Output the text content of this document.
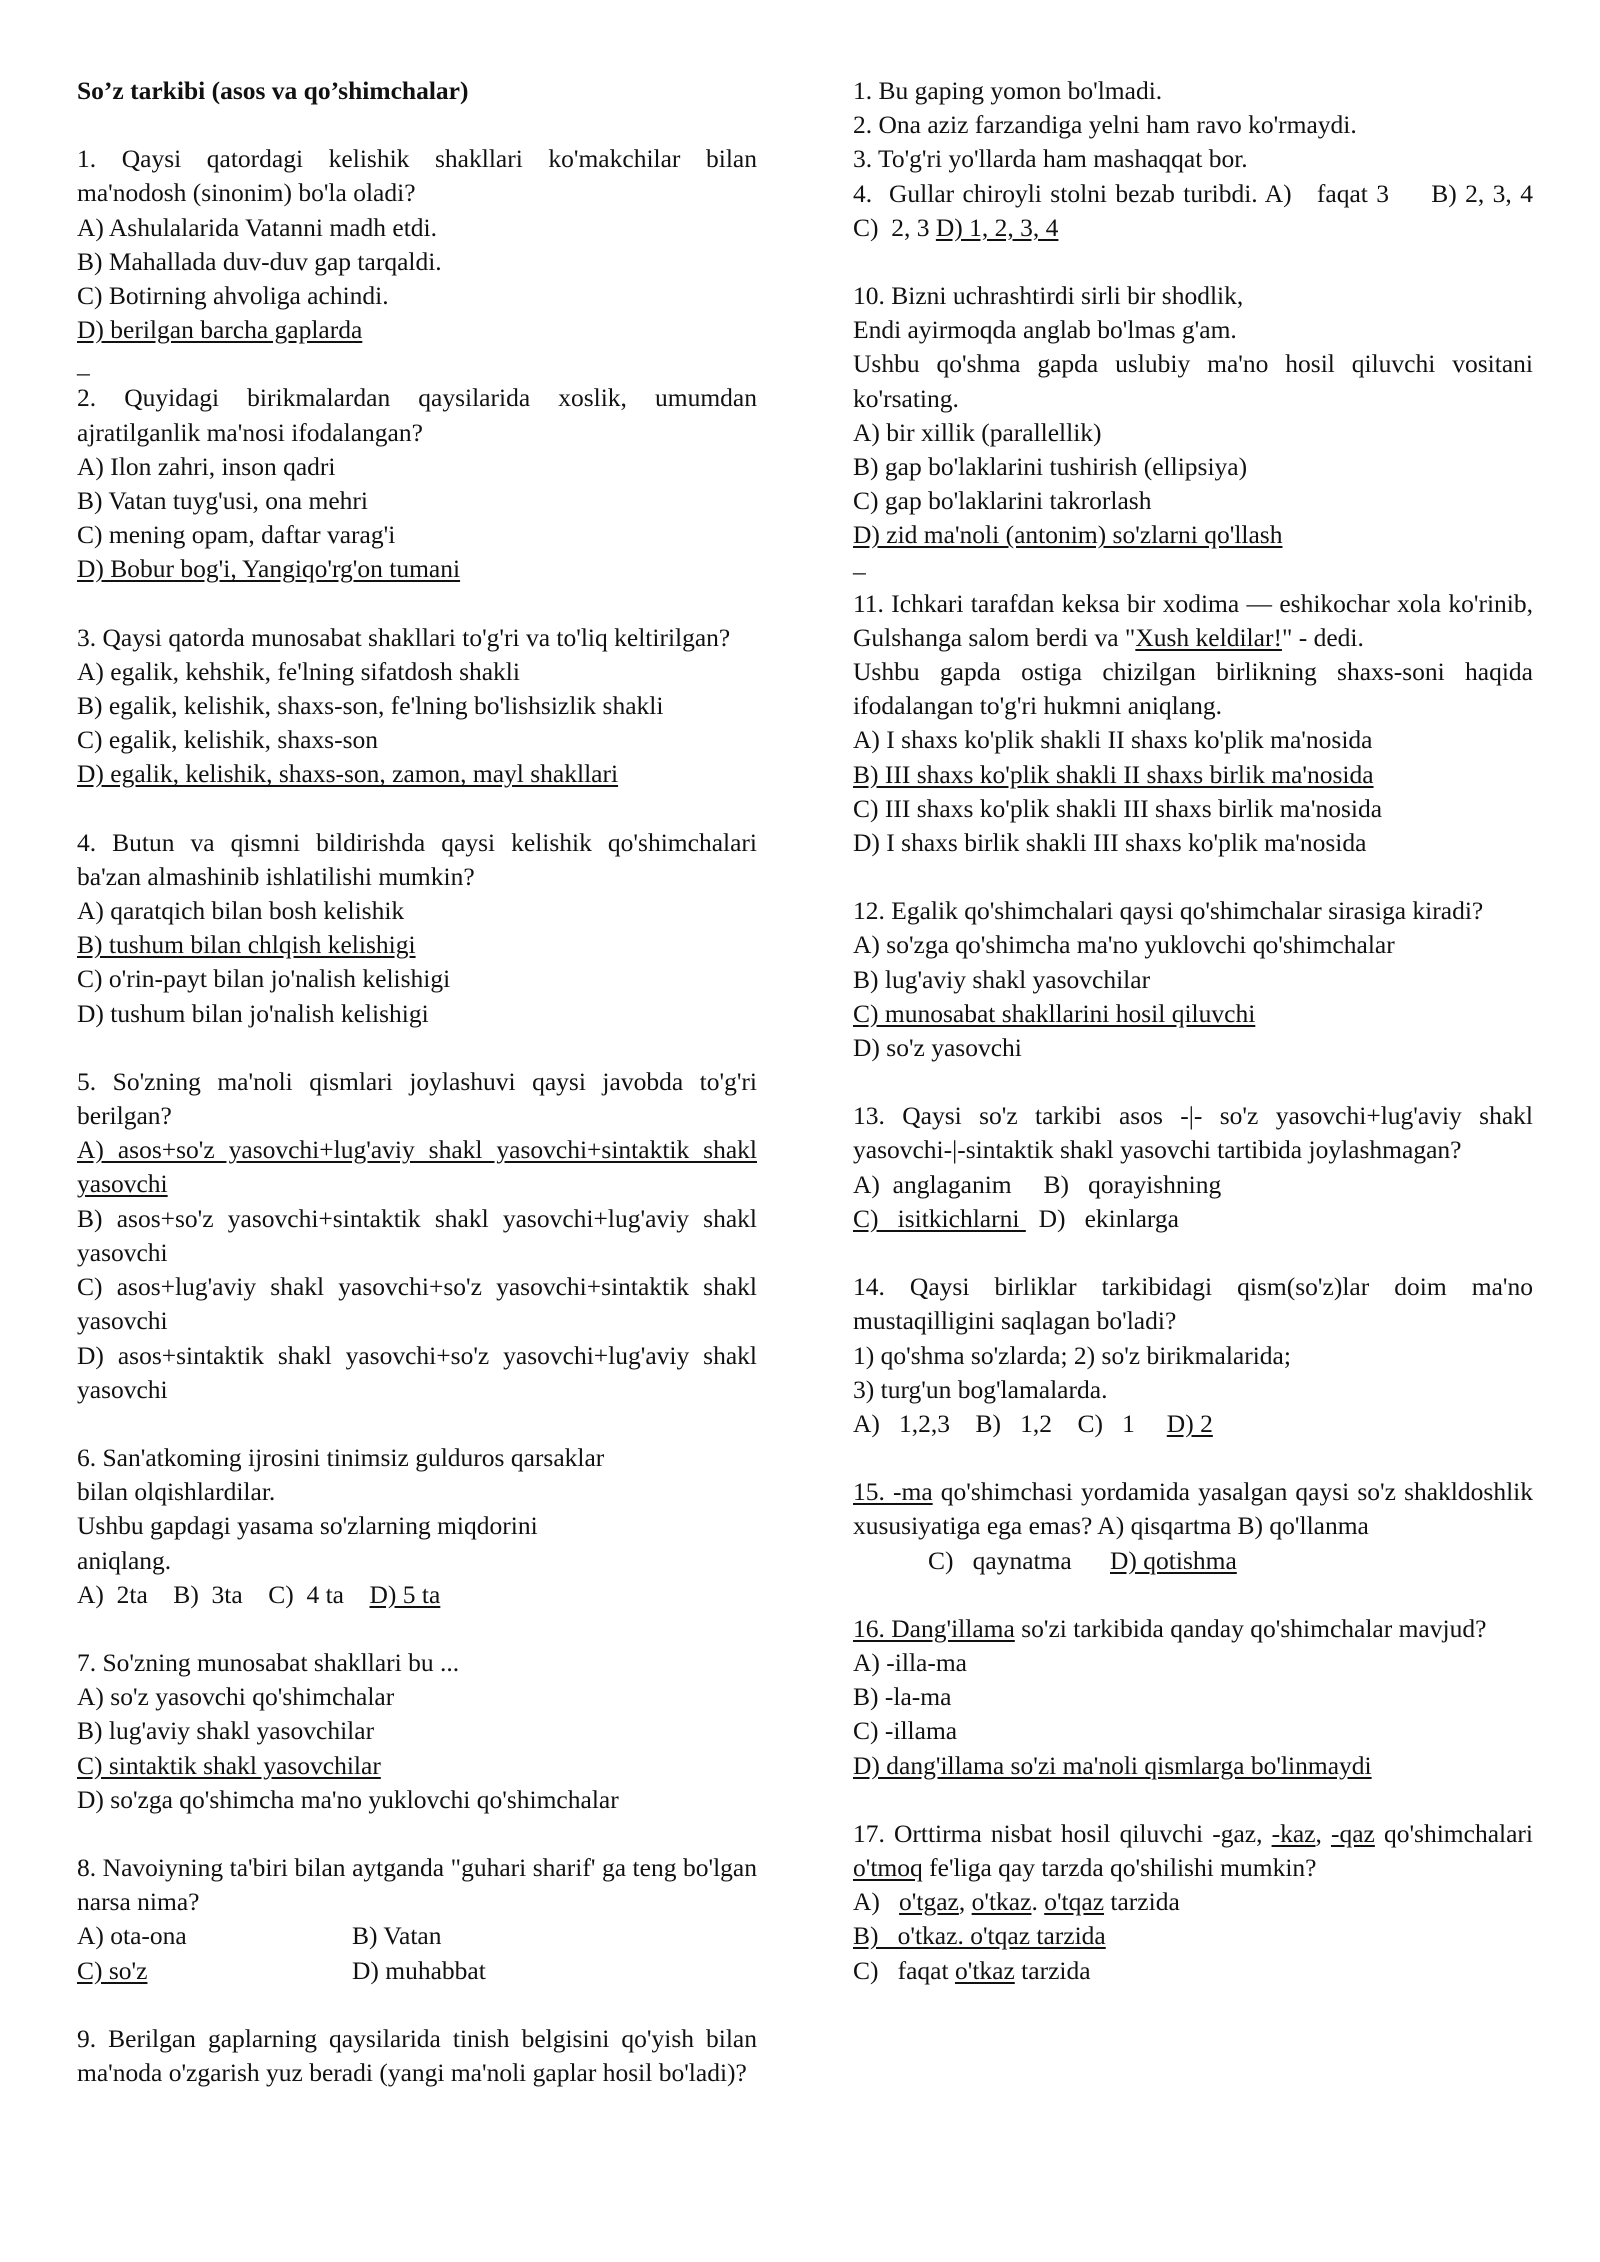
So’z tarkibi (asos va qo’shimchalar)

1. Qaysi qatordagi kelishik shakllari ko'makchilar bilan ma'nodosh (sinonim) bo'la oladi?

A) Ashulalarida Vatanni madh etdi.

B) Mahallada duv-duv gap tarqaldi.

C) Botirning ahvoliga achindi.

D) berilgan barcha gaplarda

_

2. Quyidagi birikmalardan qaysilarida xoslik, umumdan ajratilganlik ma'nosi ifodalangan?

A) Ilon zahri, inson qadri

B) Vatan tuyg'usi, ona mehri

C) mening opam, daftar varag'i

D) Bobur bog'i, Yangiqo'rg'on tumani

3. Qaysi qatorda munosabat shakllari to'g'ri va to'liq keltirilgan?

A) egalik, kehshik, fe'lning sifatdosh shakli

B) egalik, kelishik, shaxs-son, fe'lning bo'lishsizlik shakli

C) egalik, kelishik, shaxs-son

D) egalik, kelishik, shaxs-son, zamon, mayl shakllari

4. Butun va qismni bildirishda qaysi kelishik qo'shimchalari ba'zan almashinib ishlatilishi mumkin?

A) qaratqich bilan bosh kelishik

B) tushum bilan chlqish kelishigi

C) o'rin-payt bilan jo'nalish kelishigi

D) tushum bilan jo'nalish kelishigi

5. So'zning ma'noli qismlari joylashuvi qaysi javobda to'g'ri berilgan?

A) asos+so'z yasovchi+lug'aviy shakl yasovchi+sintaktik shakl yasovchi

B) asos+so'z yasovchi+sintaktik shakl yasovchi+lug'aviy shakl yasovchi

C) asos+lug'aviy shakl yasovchi+so'z yasovchi+sintaktik shakl yasovchi

D) asos+sintaktik shakl yasovchi+so'z yasovchi+lug'aviy shakl yasovchi

6. San'atkoming ijrosini tinimsiz gulduros qarsaklar

bilan olqishlardilar.

Ushbu gapdagi yasama so'zlarning miqdorini

aniqlang.

A)  2ta    B)  3ta    C)  4 ta    D) 5 ta

7. So'zning munosabat shakllari bu ...

A) so'z yasovchi qo'shimchalar

B) lug'aviy shakl yasovchilar

C) sintaktik shakl yasovchilar

D) so'zga qo'shimcha ma'no yuklovchi qo'shimchalar

8. Navoiyning ta'biri bilan aytganda "guhari sharif' ga teng bo'lgan narsa nima?

A) ota-ona	B) Vatan
C) so'z	D) muhabbat

9. Berilgan gaplarning qaysilarida tinish belgisini qo'yish bilan ma'noda o'zgarish yuz beradi (yangi ma'noli gaplar hosil bo'ladi)?

1. Bu gaping yomon bo'lmadi.

2. Ona aziz farzandiga yelni ham ravo ko'rmaydi.

3. To'g'ri yo'llarda ham mashaqqat bor.

4.  Gullar chiroyli stolni bezab turibdi. A)   faqat 3     B) 2, 3, 4   C)  2, 3 D) 1, 2, 3, 4

10. Bizni uchrashtirdi sirli bir shodlik,

Endi ayirmoqda anglab bo'lmas g'am.

Ushbu qo'shma gapda uslubiy ma'no hosil qiluvchi vositani ko'rsating.

A) bir xillik (parallellik)

B) gap bo'laklarini tushirish (ellipsiya)

C) gap bo'laklarini takrorlash

D) zid ma'noli (antonim) so'zlarni qo'llash

_

11. Ichkari tarafdan keksa bir xodima — eshikochar xola ko'rinib, Gulshanga salom berdi va "Xush keldilar!" - dedi.

Ushbu gapda ostiga chizilgan birlikning shaxs-soni haqida ifodalangan to'g'ri hukmni aniqlang.

A) I shaxs ko'plik shakli II shaxs ko'plik ma'nosida

B) III shaxs ko'plik shakli II shaxs birlik ma'nosida

C) III shaxs ko'plik shakli III shaxs birlik ma'nosida

D) I shaxs birlik shakli III shaxs ko'plik ma'nosida

12. Egalik qo'shimchalari qaysi qo'shimchalar sirasiga kiradi?

A) so'zga qo'shimcha ma'no yuklovchi qo'shimchalar

B) lug'aviy shakl yasovchilar

C) munosabat shakllarini hosil qiluvchi

D) so'z yasovchi

13. Qaysi so'z tarkibi asos -|- so'z yasovchi+lug'aviy shakl yasovchi-|-sintaktik shakl yasovchi tartibida joylashmagan?

A)  anglaganim     B)   qorayishning

C)   isitkichlarni   D)   ekinlarga

14. Qaysi birliklar tarkibidagi qism(so'z)lar doim ma'no mustaqilligini saqlagan bo'ladi?

1) qo'shma so'zlarda; 2) so'z birikmalarida;

3) turg'un bog'lamalarda.

A)   1,2,3    B)   1,2    C)   1     D) 2

15. -ma qo'shimchasi yordamida yasalgan qaysi so'z shakldoshlik xususiyatiga ega emas? A) qisqartma B) qo'llanma

C)   qaynatma      D) qotishma

16. Dang'illama so'zi tarkibida qanday qo'shimchalar mavjud?

A) -illa-ma

B) -la-ma

C) -illama

D) dang'illama so'zi ma'noli qismlarga bo'linmaydi

17. Orttirma nisbat hosil qiluvchi -gaz, -kaz, -qaz qo'shimchalari o'tmoq fe'liga qay tarzda qo'shilishi mumkin?

A)   o'tgaz, o'tkaz. o'tqaz tarzida

B)   o'tkaz. o'tqaz tarzida

C)   faqat o'tkaz tarzida
